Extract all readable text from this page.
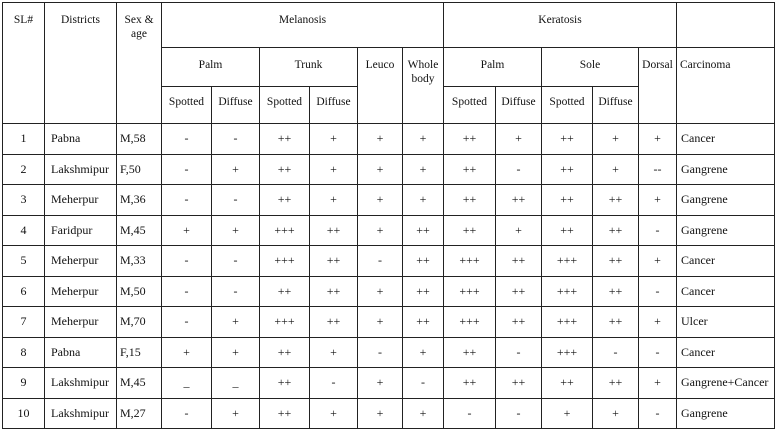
SL#	Districts	Sex & age	Melanosis						Keratosis					
			Palm		Trunk		Leuco	Whole body	Palm		Sole		Dorsal	Carcinoma
			Spotted	Diffuse	Spotted	Diffuse			Spotted	Diffuse	Spotted	Diffuse		
1	Pabna	M,58	-	-	++	+	+	+	++	+	++	+	+	Cancer
2	Lakshmipur	F,50	-	+	++	+	+	+	++	-	++	+	--	Gangrene
3	Meherpur	M,36	-	-	++	+	+	+	++	++	++	++	+	Gangrene
4	Faridpur	M,45	+	+	+++	++	+	++	++	+	++	++	-	Gangrene
5	Meherpur	M,33	-	-	+++	++	-	++	+++	++	+++	++	+	Cancer
6	Meherpur	M,50	-	-	++	++	+	++	+++	++	+++	++	-	Cancer
7	Meherpur	M,70	-	+	+++	++	+	++	+++	++	+++	++	+	Ulcer
8	Pabna	F,15	+	+	++	+	-	+	++	-	+++	-	-	Cancer
9	Lakshmipur	M,45	_	_	++	-	+	-	++	++	++	++	+	Gangrene+Cancer
10	Lakshmipur	M,27	-	+	++	+	+	+	-	-	+	+	-	Gangrene
